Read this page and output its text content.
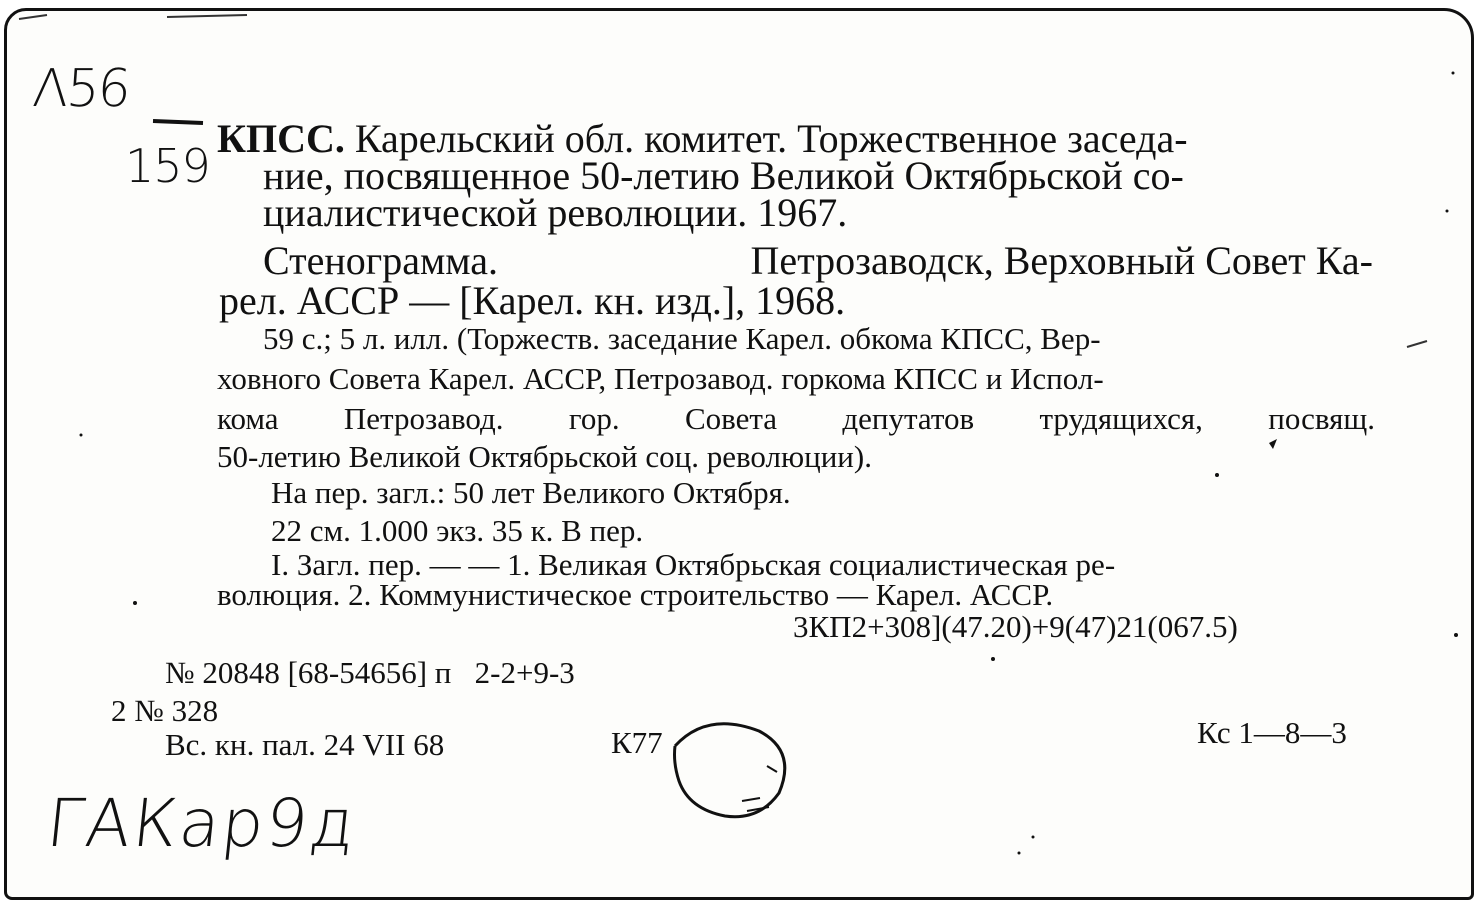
Λ56
159
КПСС. Карельский обл. комитет. Торжественное заседа-
ние, посвященное 50-летию Великой Октябрьской со-
циалистической революции. 1967.
Стенограмма.	Петрозаводск, Верховный Совет Ка-
рел. АССР — [Карел. кн. изд.], 1968.
59 с.; 5 л. илл. (Торжеств. заседание Карел. обкома КПСС, Вер-
ховного Совета Карел. АССР, Петрозавод. горкома КПСС и Испол-
кома Петрозавод. гор. Совета депутатов трудящихся, посвящ.
50-летию Великой Октябрьской соц. революции).
На пер. загл.: 50 лет Великого Октября.
22 см. 1.000 экз. 35 к. В пер.
I. Загл. пер. — — 1. Великая Октябрьская социалистическая ре-
волюция. 2. Коммунистическое строительство — Карел. АССР.
3КП2+308](47.20)+9(47)21(067.5)
№ 20848 [68-54656] п   2-2+9-3
2 № 328
Вс. кн. пал. 24 VII 68	К77	Кс 1—8—3
ГАКар9д
